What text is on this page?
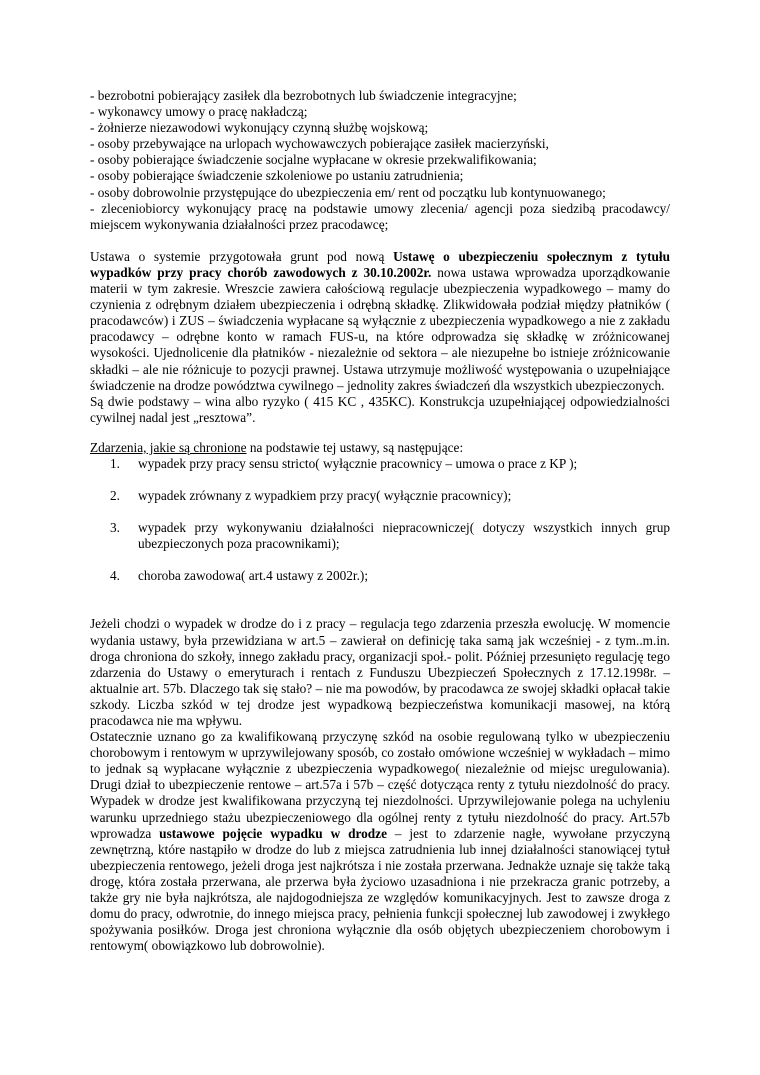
- bezrobotni pobierający zasiłek dla bezrobotnych lub świadczenie integracyjne;
- wykonawcy umowy o pracę nakładczą;
- żołnierze niezawodowi wykonujący czynną służbę wojskową;
- osoby przebywające na urlopach wychowawczych pobierające zasiłek macierzyński,
- osoby pobierające świadczenie socjalne wypłacane w okresie przekwalifikowania;
- osoby pobierające świadczenie szkoleniowe po ustaniu zatrudnienia;
- osoby dobrowolnie przystępujące do ubezpieczenia em/ rent od początku lub kontynuowanego;
- zleceniobiorcy wykonujący pracę na podstawie umowy zlecenia/ agencji poza siedzibą pracodawcy/ miejscem wykonywania działalności przez pracodawcę;

Ustawa o systemie przygotowała grunt pod nową Ustawę o ubezpieczeniu społecznym z tytułu wypadków przy pracy chorób zawodowych z 30.10.2002r. nowa ustawa wprowadza uporządkowanie materii w tym zakresie. Wreszcie zawiera całościową regulacje ubezpieczenia wypadkowego – mamy do czynienia z odrębnym działem ubezpieczenia i odrębną składkę. Zlikwidowała podział między płatników ( pracodawców) i ZUS – świadczenia wypłacane są wyłącznie z ubezpieczenia wypadkowego a nie z zakładu pracodawcy – odrębne konto w ramach FUS-u, na które odprowadza się składkę w zróżnicowanej wysokości. Ujednolicenie dla płatników - niezależnie od sektora – ale niezupełne bo istnieje zróżnicowanie składki – ale nie różnicuje to pozycji prawnej. Ustawa utrzymuje możliwość występowania o uzupełniające świadczenie na drodze powództwa cywilnego – jednolity zakres świadczeń dla wszystkich ubezpieczonych.

Są dwie podstawy – wina albo ryzyko ( 415 KC , 435KC). Konstrukcja uzupełniającej odpowiedzialności cywilnej nadal jest „resztowa”.

Zdarzenia, jakie są chronione na podstawie tej ustawy, są następujące:

1. wypadek przy pracy sensu stricto( wyłącznie pracownicy – umowa o prace z KP );
2. wypadek zrównany z wypadkiem przy pracy( wyłącznie pracownicy);
3. wypadek przy wykonywaniu działalności niepracowniczej( dotyczy wszystkich innych grup ubezpieczonych poza pracownikami);
4. choroba zawodowa( art.4 ustawy z 2002r.);

Jeżeli chodzi o wypadek w drodze do i z pracy – regulacja tego zdarzenia przeszła ewolucję. W momencie wydania ustawy, była przewidziana w art.5 – zawierał on definicję taka samą jak wcześniej - z tym..m.in. droga chroniona do szkoły, innego zakładu pracy, organizacji społ.- polit. Później przesunięto regulację tego zdarzenia do Ustawy o emeryturach i rentach z Funduszu Ubezpieczeń Społecznych z 17.12.1998r. – aktualnie art. 57b. Dlaczego tak się stało? – nie ma powodów, by pracodawca ze swojej składki opłacał takie szkody. Liczba szkód w tej drodze jest wypadkową bezpieczeństwa komunikacji masowej, na którą pracodawca nie ma wpływu.

Ostatecznie uznano go za kwalifikowaną przyczynę szkód na osobie regulowaną tylko w ubezpieczeniu chorobowym i rentowym w uprzywilejowany sposób, co zostało omówione wcześniej w wykładach – mimo to jednak są wypłacane wyłącznie z ubezpieczenia wypadkowego( niezależnie od miejsc uregulowania). Drugi dział to ubezpieczenie rentowe – art.57a i 57b – część dotycząca renty z tytułu niezdolność do pracy. Wypadek w drodze jest kwalifikowana przyczyną tej niezdolności. Uprzywilejowanie polega na uchyleniu warunku uprzedniego stażu ubezpieczeniowego dla ogólnej renty z tytułu niezdolność do pracy. Art.57b wprowadza ustawowe pojęcie wypadku w drodze – jest to zdarzenie nagłe, wywołane przyczyną zewnętrzną, które nastąpiło w drodze do lub z miejsca zatrudnienia lub innej działalności stanowiącej tytuł ubezpieczenia rentowego, jeżeli droga jest najkrótsza i nie została przerwana. Jednakże uznaje się także taką drogę, która została przerwana, ale przerwa była życiowo uzasadniona i nie przekracza granic potrzeby, a także gry nie była najkrótsza, ale najdogodniejsza ze względów komunikacyjnych. Jest to zawsze droga z domu do pracy, odwrotnie, do innego miejsca pracy, pełnienia funkcji społecznej lub zawodowej i zwykłego spożywania posiłków. Droga jest chroniona wyłącznie dla osób objętych ubezpieczeniem chorobowym i rentowym( obowiązkowo lub dobrowolnie).
